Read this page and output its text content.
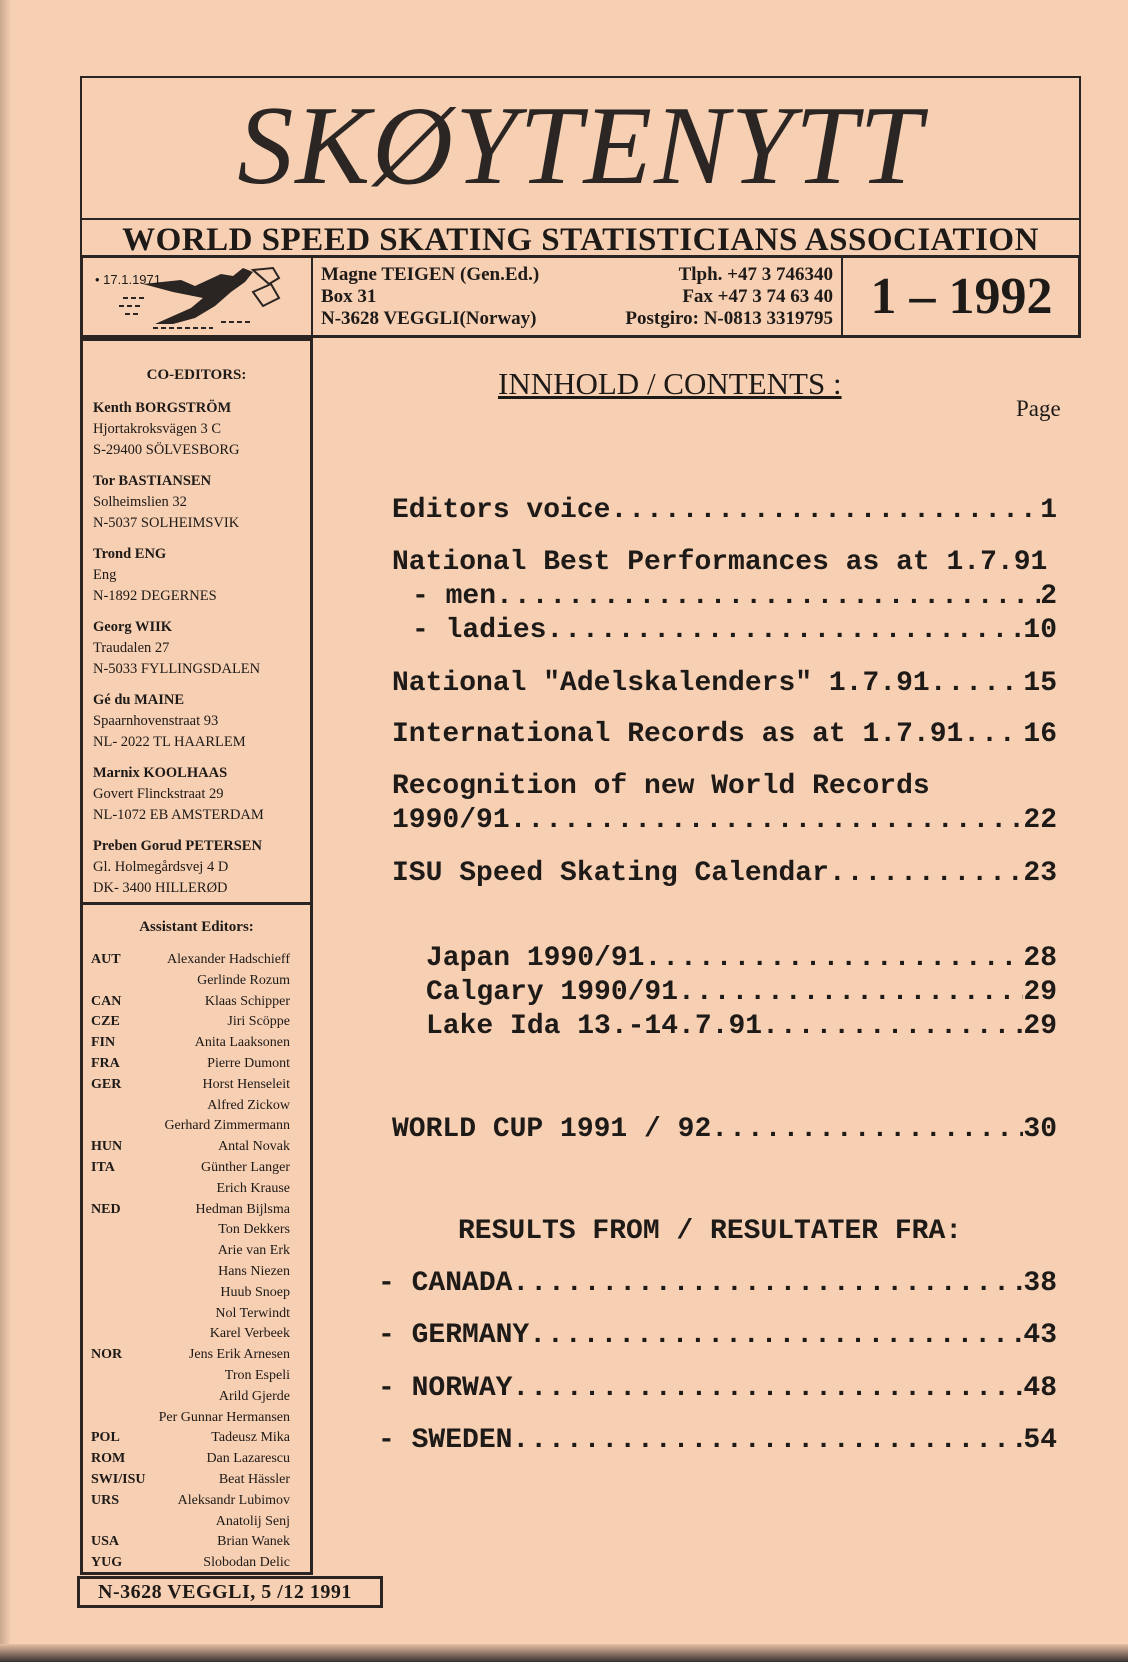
SKØYTENYTT
WORLD SPEED SKATING STATISTICIANS ASSOCIATION
• 17.1.1971	Magne TEIGEN (Gen.Ed.)
Box 31
N-3628 VEGGLI(Norway)
Tlph. +47 3 746340
Fax +47 3 74 63 40
Postgiro: N-0813 3319795 1 – 1992
CO-EDITORS:
Kenth BORGSTRÖM
Hjortakroksvägen 3 C
S-29400 SÖLVESBORG
Tor BASTIANSEN
Solheimslien 32
N-5037 SOLHEIMSVIK
Trond ENG
Eng
N-1892 DEGERNES
Georg WIIK
Traudalen 27
N-5033 FYLLINGSDALEN
Gé du MAINE
Spaarnhovenstraat 93
NL- 2022 TL HAARLEM
Marnix KOOLHAAS
Govert Flinckstraat 29
NL-1072 EB AMSTERDAM
Preben Gorud PETERSEN
Gl. Holmegårdsvej 4 D
DK- 3400 HILLERØD
Assistant Editors:
AUT	Alexander Hadschieff
Gerlinde Rozum
CAN	Klaas Schipper
CZE	Jiri Scöppe
FIN	Anita Laaksonen
FRA	Pierre Dumont
GER	Horst Henseleit
Alfred Zickow
Gerhard Zimmermann
HUN	Antal Novak
ITA	Günther Langer
Erich Krause
NED	Hedman Bijlsma
Ton Dekkers
Arie van Erk
Hans Niezen
Huub Snoep
Nol Terwindt
Karel Verbeek
NOR	Jens Erik Arnesen
Tron Espeli
Arild Gjerde
Per Gunnar Hermansen
POL	Tadeusz Mika
ROM	Dan Lazarescu
SWI/ISU	Beat Hässler
URS	Aleksandr Lubimov
Anatolij Senj
USA	Brian Wanek
YUG	Slobodan Delic
N-3628 VEGGLI, 5 /12 1991
INNHOLD / CONTENTS :
Page
Editors voice .....	1
National Best Performances as at 1.7.91
- men .....	2
- ladies .....	10
National "Adelskalenders" 1.7.91 .....	15
International Records as at 1.7.91 ..... 16
Recognition of new World Records
1990/91 .....	22
ISU Speed Skating Calendar .....	23
Japan 1990/91 .....	28
Calgary 1990/91 .....	29
Lake Ida 13.-14.7.91 .....	29
WORLD CUP 1991 / 92 .....	30
RESULTS FROM / RESULTATER FRA:
- CANADA .....	38
- GERMANY .....	43
- NORWAY .....	48
- SWEDEN .....	54
